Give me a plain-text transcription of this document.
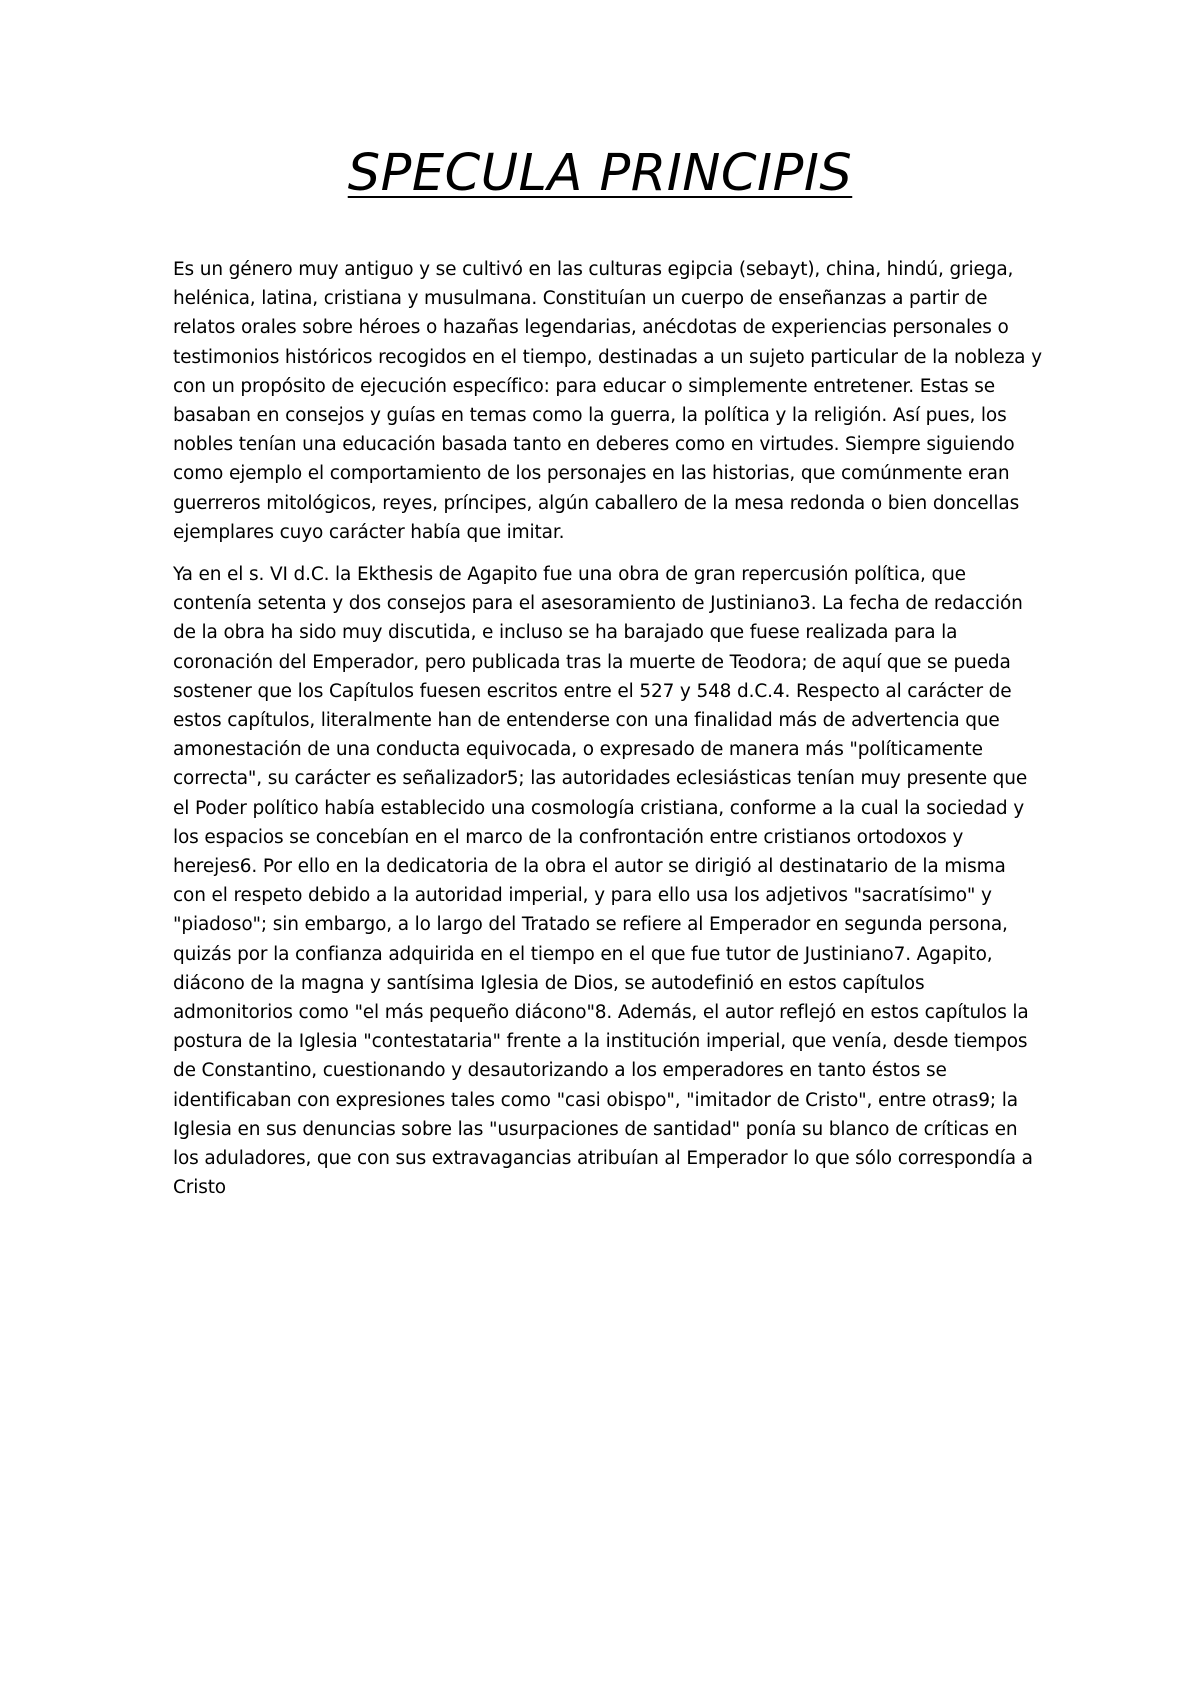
SPECULA PRINCIPIS

Es un género muy antiguo y se cultivó en las culturas egipcia (sebayt), china, hindú, griega, helénica, latina, cristiana y musulmana. Constituían un cuerpo de enseñanzas a partir de relatos orales sobre héroes o hazañas legendarias, anécdotas de experiencias personales o testimonios históricos recogidos en el tiempo, destinadas a un sujeto particular de la nobleza y con un propósito de ejecución específico: para educar o simplemente entretener. Estas se basaban en consejos y guías en temas como la guerra, la política y la religión. Así pues, los nobles tenían una educación basada tanto en deberes como en virtudes. Siempre siguiendo como ejemplo el comportamiento de los personajes en las historias, que comúnmente eran guerreros mitológicos, reyes, príncipes, algún caballero de la mesa redonda o bien doncellas ejemplares cuyo carácter había que imitar.

Ya en el s. VI d.C. la Ekthesis de Agapito fue una obra de gran repercusión política, que contenía setenta y dos consejos para el asesoramiento de Justiniano3. La fecha de redacción de la obra ha sido muy discutida, e incluso se ha barajado que fuese realizada para la coronación del Emperador, pero publicada tras la muerte de Teodora; de aquí que se pueda sostener que los Capítulos fuesen escritos entre el 527 y 548 d.C.4. Respecto al carácter de estos capítulos, literalmente han de entenderse con una finalidad más de advertencia que amonestación de una conducta equivocada, o expresado de manera más "políticamente correcta", su carácter es señalizador5; las autoridades eclesiásticas tenían muy presente que el Poder político había establecido una cosmología cristiana, conforme a la cual la sociedad y los espacios se concebían en el marco de la confrontación entre cristianos ortodoxos y herejes6. Por ello en la dedicatoria de la obra el autor se dirigió al destinatario de la misma con el respeto debido a la autoridad imperial, y para ello usa los adjetivos "sacratísimo" y "piadoso"; sin embargo, a lo largo del Tratado se refiere al Emperador en segunda persona, quizás por la confianza adquirida en el tiempo en el que fue tutor de Justiniano7. Agapito, diácono de la magna y santísima Iglesia de Dios, se autodefinió en estos capítulos admonitorios como "el más pequeño diácono"8. Además, el autor reflejó en estos capítulos la postura de la Iglesia "contestataria" frente a la institución imperial, que venía, desde tiempos de Constantino, cuestionando y desautorizando a los emperadores en tanto éstos se identificaban con expresiones tales como "casi obispo", "imitador de Cristo", entre otras9; la Iglesia en sus denuncias sobre las "usurpaciones de santidad" ponía su blanco de críticas en los aduladores, que con sus extravagancias atribuían al Emperador lo que sólo correspondía a Cristo
